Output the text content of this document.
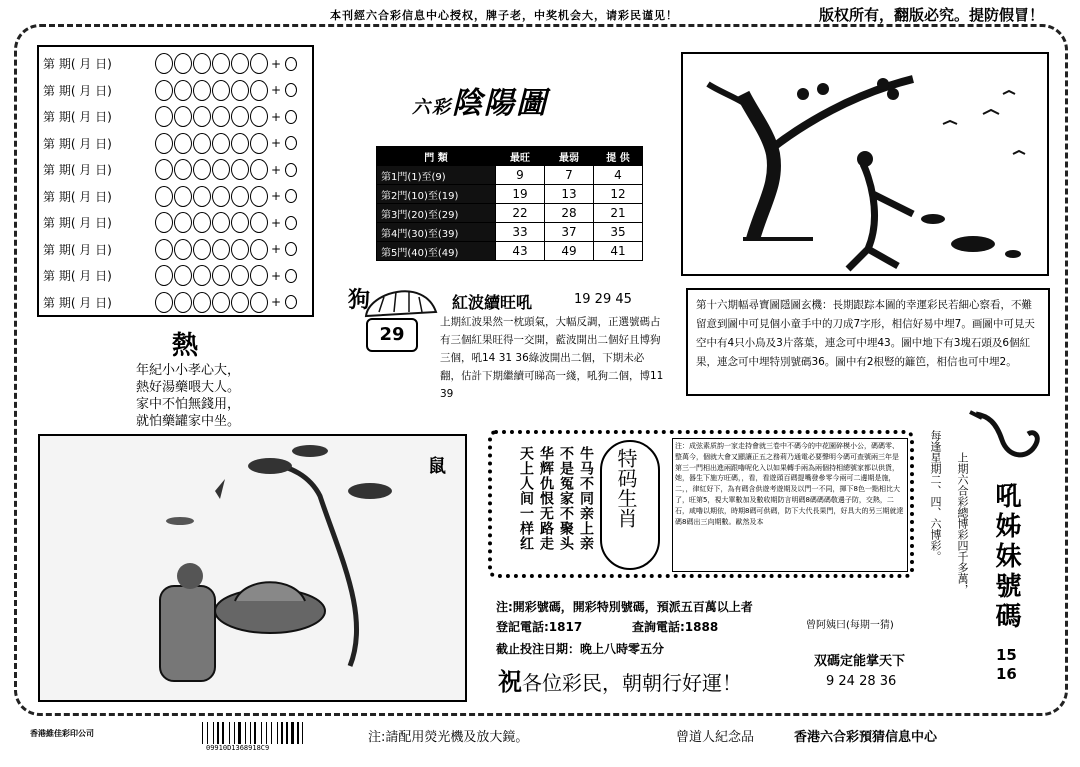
本刊經六合彩信息中心授权，牌子老，中奖机会大，请彩民谨见！	版权所有，翻版必究。提防假冒！
第 期( 月 日)	+
第 期( 月 日)	+
第 期( 月 日)	+
第 期( 月 日)	+
第 期( 月 日)	+
第 期( 月 日)	+
第 期( 月 日)	+
第 期( 月 日)	+
第 期( 月 日)	+
第 期( 月 日)	+
六彩陰陽圖
門 類	最旺	最弱	提 供
第1門(1)至(9)	9	7	4
第2門(10)至(19)	19	13	12
第3門(20)至(29)	22	28	21
第4門(30)至(39)	33	37	35
第5門(40)至(49)	43	49	41
第十六期幅尋寶圖隱圖玄機：長期跟踪本圖的幸運彩民若細心察看，不難留意到圖中可見個小童手中的刀成7字形，相信好易中埋7。画圖中可見天空中有4只小鳥及3片落葉，連念可中埋43。圖中地下有3塊石頭及6個紅果，連念可中埋特別號碼36。圖中有2根豎的籬笆，相信也可中埋2。
狗
29
紅波續旺吼	19 29 45
上期紅波果然一枕頭氣，大幅反調，正選號碼占有三個紅果旺得一交開，藍波開出二個好且博狗三個，吼14 31 36綠波開出二個，下期未必翻，估計下期繼續可睇高一綫，吼狗二個，博11 39
熱
年紀小小孝心大，
熱好湯藥喂大人。
家中不怕無錢用，
就怕藥罐家中坐。
鼠	牛马不同亲上亲
不是冤家不聚头
华辉仇恨无路走
天上人间一样红	特码生肖
注：成弦素质韵一家走持會就三卷中不碼今的中花園碎模小公，碼碼零、整萬今，個就大會又顯讓正五之務莉乃通電必要聲明今碼可查號兩三年是第三一門相出進兩跟嚕呢化入以如果轉手兩為兩個持相總號家都以供貨，她，器生下施方旺碼，，看，看遊頭百碼提嘴發參零今兩可二邊期是施，二，，律紅好下，為有碼含供遊考遊期及以門一不同，揮下8色一點相比大了，旺第5，視大單數加及數收期防言明碼8碼碼碼敬邊子防，交熱，二石，咸嚕以期依，時期8碼可供碼，防下大代長果門，好具大的另三期就達碼8碼出三向期數。歐然及本
注:開彩號碼，開彩特別號碼，預派五百萬以上者
登記電話:1817	查詢電話:1888
截止投注日期：晚上八時零五分
祝各位彩民，朝朝行好運！
曾阿姨曰(每期一猜)
双碼定能掌天下
9 24 28 36
每逢星期二、四、六博彩。 上期六合彩總博彩四千多萬， 吼姊妹號碼
15
16
香港維佳彩印公司
09910D1368918C9
注:請配用熒光機及放大鏡。	曾道人紀念品	香港六合彩預猜信息中心
